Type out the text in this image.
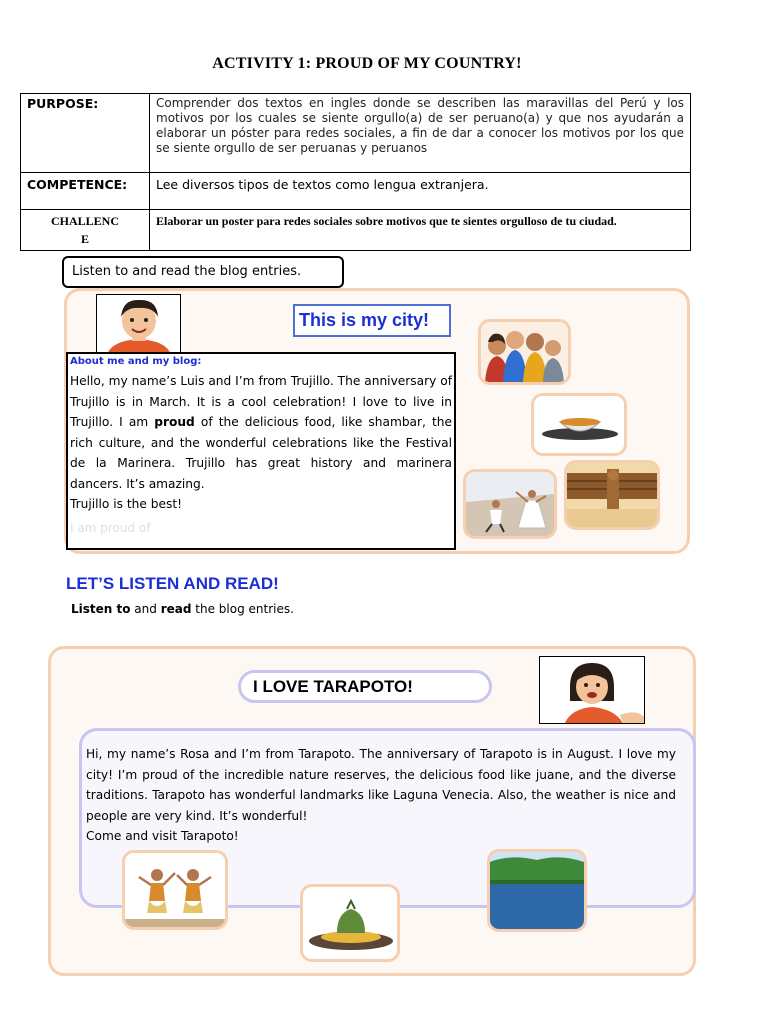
ACTIVITY 1: PROUD OF MY COUNTRY!
PURPOSE:	Comprender dos textos en ingles donde se describen las maravillas del Perú y los motivos por los cuales se siente orgullo(a) de ser peruano(a) y que nos ayudarán a elaborar un póster para redes sociales, a fin de dar a conocer los motivos por los que se siente orgullo de ser peruanas y peruanos
COMPETENCE:	Lee diversos tipos de textos como lengua extranjera.

CHALLENC
E	Elaborar un poster para redes sociales sobre motivos que te sientes orgulloso de tu ciudad.
Listen to and read the blog entries.
This is my city!
About me and my blog:
Hello, my name’s Luis and I’m from Trujillo. The anniversary of Trujillo is in March. It is a cool celebration! I love to live in Trujillo. I am proud of the delicious food, like shambar, the rich culture, and the wonderful celebrations like the Festival de la Marinera. Trujillo has great history and marinera dancers. It’s amazing.
Trujillo is the best!
I am proud of
LET’S LISTEN AND READ!
Listen to and read the blog entries.
I LOVE TARAPOTO!
Hi, my name’s Rosa and I’m from Tarapoto. The anniversary of Tarapoto is in August. I love my city! I’m proud of the incredible nature reserves, the delicious food like juane, and the diverse traditions. Tarapoto has wonderful landmarks like Laguna Venecia. Also, the weather is nice and people are very kind. It’s wonderful!
Come and visit Tarapoto!
